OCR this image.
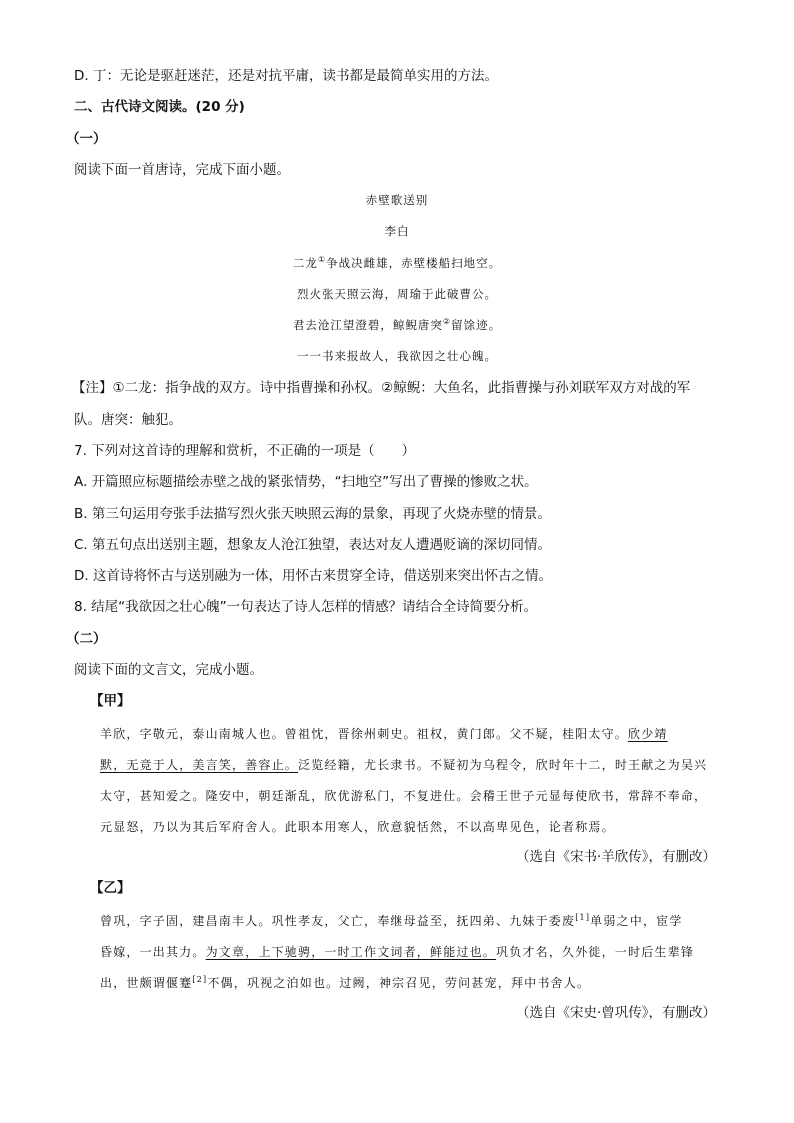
D. 丁：无论是驱赶迷茫，还是对抗平庸，读书都是最简单实用的方法。
二、古代诗文阅读。(20 分)
（一）
阅读下面一首唐诗，完成下面小题。
赤壁歌送别
李白
二龙①争战决雌雄，赤壁楼船扫地空。
烈火张天照云海，周瑜于此破曹公。
君去沧江望澄碧，鲸鲵唐突②留馀迹。
一一书来报故人，我欲因之壮心魄。
【注】①二龙：指争战的双方。诗中指曹操和孙权。②鲸鲵：大鱼名，此指曹操与孙刘联军双方对战的军
队。唐突：触犯。
7. 下列对这首诗的理解和赏析，不正确的一项是（　　）
A. 开篇照应标题描绘赤壁之战的紧张情势，“扫地空”写出了曹操的惨败之状。
B. 第三句运用夸张手法描写烈火张天映照云海的景象，再现了火烧赤壁的情景。
C. 第五句点出送别主题，想象友人沧江独望，表达对友人遭遇贬谪的深切同情。
D. 这首诗将怀古与送别融为一体，用怀古来贯穿全诗，借送别来突出怀古之情。
8. 结尾“我欲因之壮心魄”一句表达了诗人怎样的情感？请结合全诗简要分析。
（二）
阅读下面的文言文，完成小题。
【甲】

羊欣，字敬元，泰山南城人也。曾祖忱，晋徐州刺史。祖权，黄门郎。父不疑，桂阳太守。欣少靖

默，无竞于人，美言笑，善容止。泛览经籍，尤长隶书。不疑初为乌程令，欣时年十二，时王献之为吴兴

太守，甚知爱之。隆安中，朝廷渐乱，欣优游私门，不复进仕。会稽王世子元显每使欣书，常辞不奉命，

元显怒，乃以为其后军府舍人。此职本用寒人，欣意貌恬然，不以高卑见色，论者称焉。

（选自《宋书·羊欣传》，有删改）
【乙】

曾巩，字子固，建昌南丰人。巩性孝友，父亡，奉继母益至，抚四弟、九妹于委废[1]单弱之中，宦学

昏嫁，一出其力。为文章，上下驰骋，一时工作文词者，鲜能过也。巩负才名，久外徙，一时后生辈锋

出，世颇谓偃蹇[2]不偶，巩视之泊如也。过阙，神宗召见，劳问甚宠，拜中书舍人。

（选自《宋史·曾巩传》，有删改）
